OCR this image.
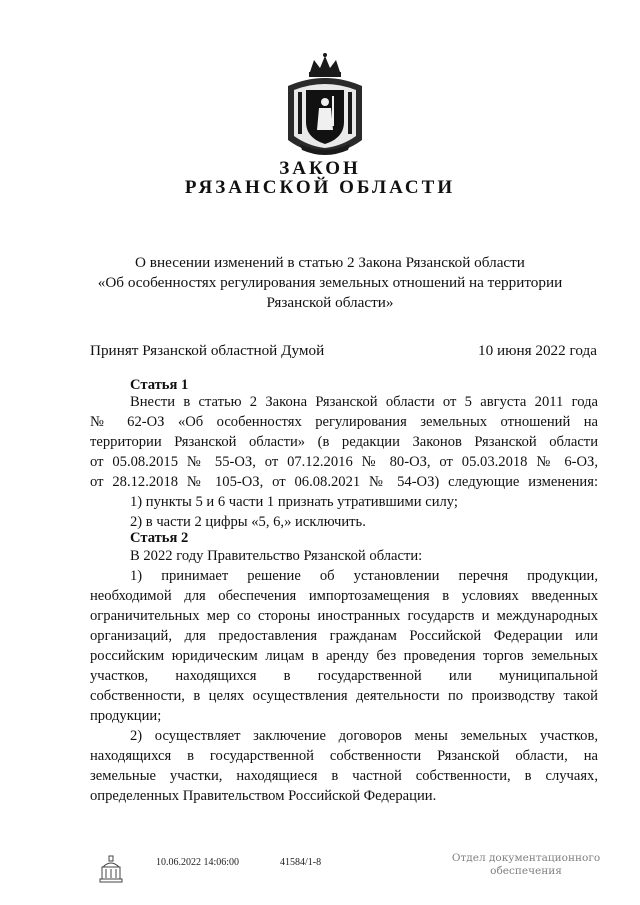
ЗАКОН
РЯЗАНСКОЙ ОБЛАСТИ
О внесении изменений в статью 2 Закона Рязанской области
«Об особенностях регулирования земельных отношений на территории
Рязанской области»
Принят Рязанской областной Думой	10 июня 2022 года
Статья 1
Внести в статью 2 Закона Рязанской области от 5 августа 2011 года
№ 62-ОЗ «Об особенностях регулирования земельных отношений на
территории Рязанской области» (в редакции Законов Рязанской области
от 05.08.2015 № 55-ОЗ, от 07.12.2016 № 80-ОЗ, от 05.03.2018 № 6-ОЗ,
от 28.12.2018 № 105-ОЗ, от 06.08.2021 № 54-ОЗ) следующие изменения:
1) пункты 5 и 6 части 1 признать утратившими силу;
2) в части 2 цифры «5, 6,» исключить.
Статья 2
В 2022 году Правительство Рязанской области:
1) принимает решение об установлении перечня продукции,
необходимой для обеспечения импортозамещения в условиях введенных
ограничительных мер со стороны иностранных государств и международных
организаций, для предоставления гражданам Российской Федерации или
российским юридическим лицам в аренду без проведения торгов земельных
участков, находящихся в государственной или муниципальной
собственности, в целях осуществления деятельности по производству такой
продукции;
2) осуществляет заключение договоров мены земельных участков,
находящихся в государственной собственности Рязанской области, на
земельные участки, находящиеся в частной собственности, в случаях,
определенных Правительством Российской Федерации.
10.06.2022 14:06:00	41584/1-8	Отдел документационного
обеспечения
